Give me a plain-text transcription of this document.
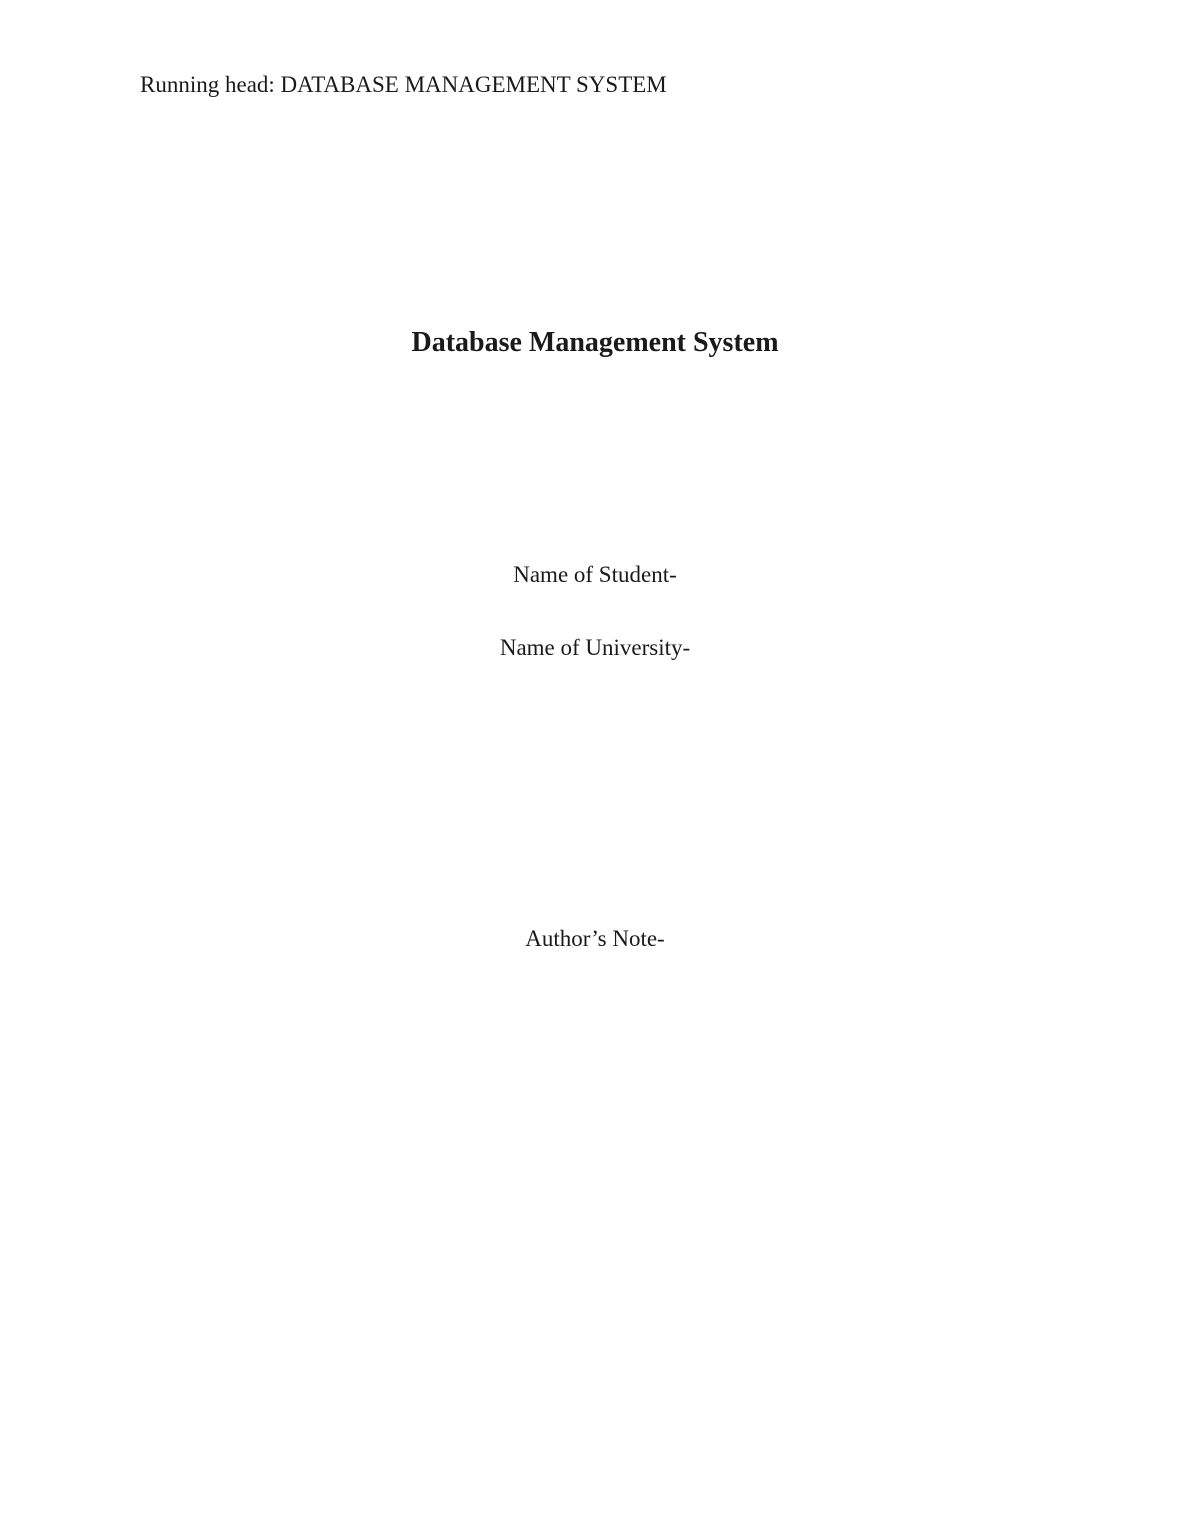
Running head: DATABASE MANAGEMENT SYSTEM
Database Management System
Name of Student-
Name of University-
Author’s Note-
